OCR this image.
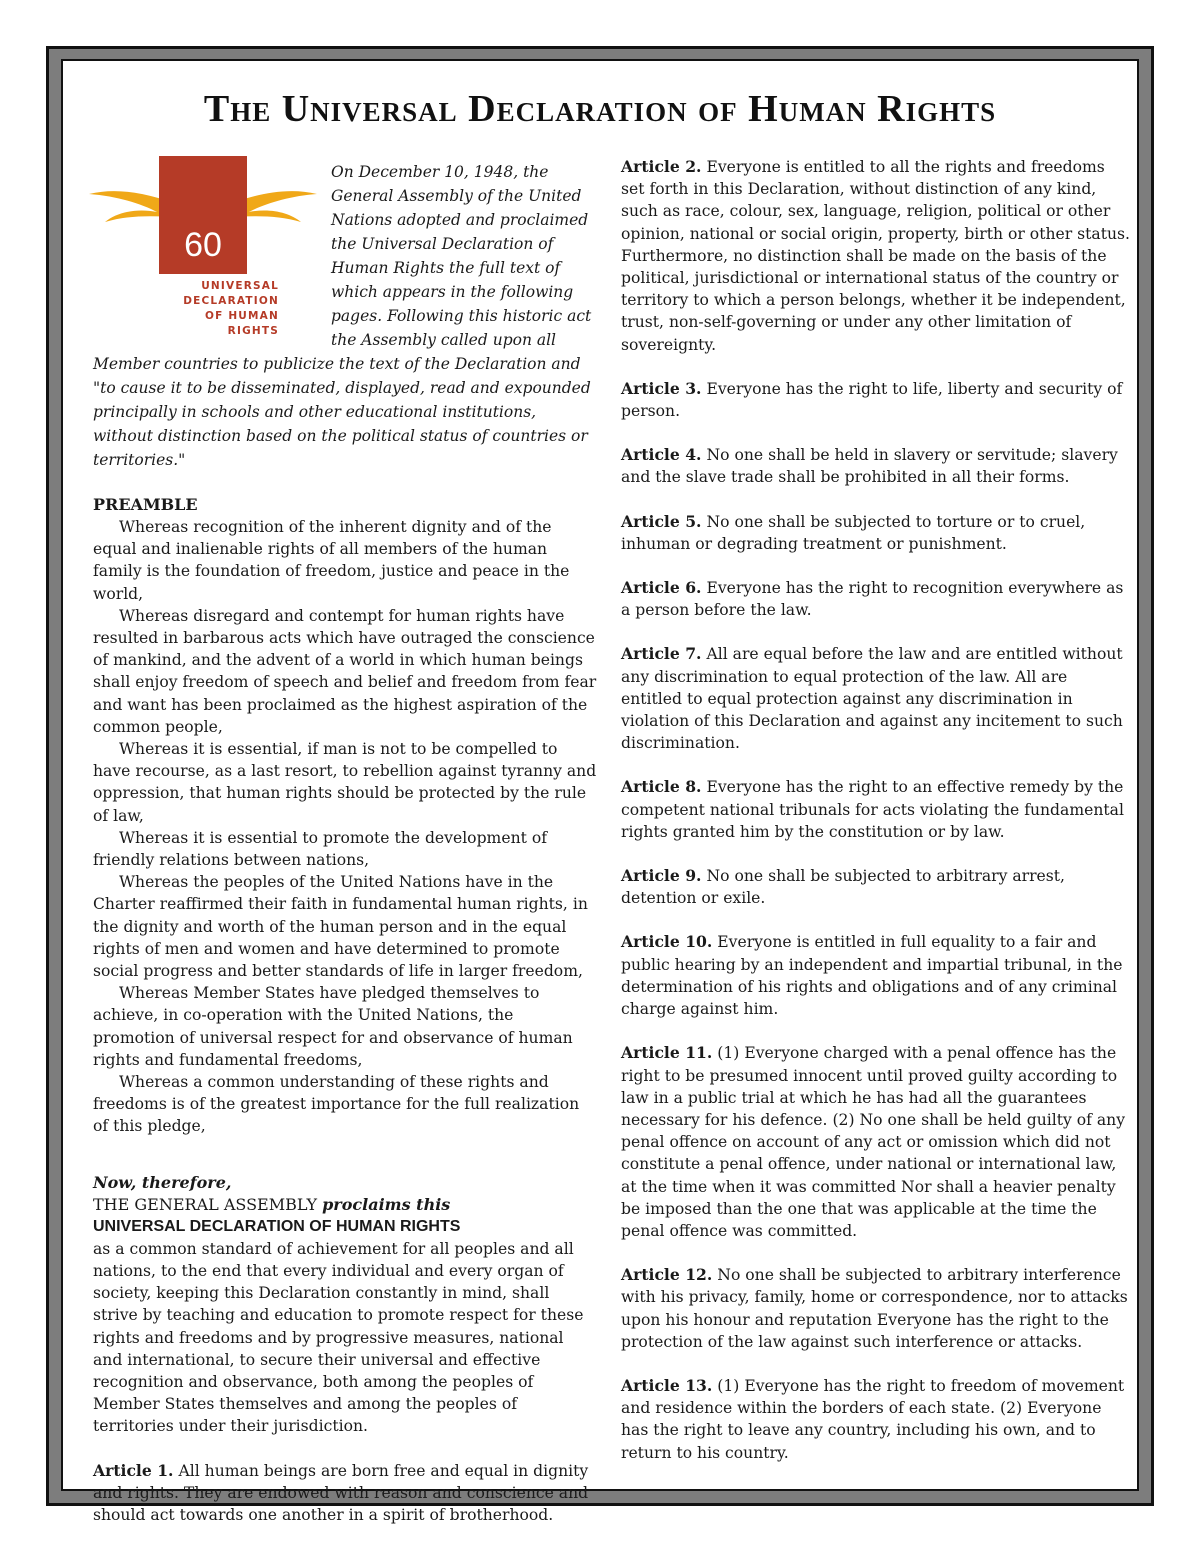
The Universal Declaration of Human Rights
60
UNIVERSAL
DECLARATION
OF HUMAN
RIGHTS
On December 10, 1948, the General Assembly of the United Nations adopted and proclaimed the Universal Declaration of Human Rights the full text of which appears in the following pages. Following this historic act the Assembly called upon all
Member countries to publicize the text of the Declaration and "to cause it to be disseminated, displayed, read and expounded principally in schools and other educational institutions, without distinction based on the political status of countries or territories."
PREAMBLE

Whereas recognition of the inherent dignity and of the equal and inalienable rights of all members of the human family is the foundation of freedom, justice and peace in the world,

Whereas disregard and contempt for human rights have resulted in barbarous acts which have outraged the conscience of mankind, and the advent of a world in which human beings shall enjoy freedom of speech and belief and freedom from fear and want has been proclaimed as the highest aspiration of the common people,

Whereas it is essential, if man is not to be compelled to have recourse, as a last resort, to rebellion against tyranny and oppression, that human rights should be protected by the rule of law,

Whereas it is essential to promote the development of friendly relations between nations,

Whereas the peoples of the United Nations have in the Charter reaffirmed their faith in fundamental human rights, in the dignity and worth of the human person and in the equal rights of men and women and have determined to promote social progress and better standards of life in larger freedom,

Whereas Member States have pledged themselves to achieve, in co-operation with the United Nations, the promotion of universal respect for and observance of human rights and fundamental freedoms,

Whereas a common understanding of these rights and freedoms is of the greatest importance for the full realization of this pledge,

Now, therefore,
THE GENERAL ASSEMBLY proclaims this
UNIVERSAL DECLARATION OF HUMAN RIGHTS
as a common standard of achievement for all peoples and all nations, to the end that every individual and every organ of society, keeping this Declaration constantly in mind, shall strive by teaching and education to promote respect for these rights and freedoms and by progressive measures, national and international, to secure their universal and effective recognition and observance, both among the peoples of Member States themselves and among the peoples of territories under their jurisdiction.
Article 1. All human beings are born free and equal in dignity and rights. They are endowed with reason and conscience and should act towards one another in a spirit of brotherhood.
Article 2. Everyone is entitled to all the rights and freedoms set forth in this Declaration, without distinction of any kind, such as race, colour, sex, language, religion, political or other opinion, national or social origin, property, birth or other status. Furthermore, no distinction shall be made on the basis of the political, jurisdictional or international status of the country or territory to which a person belongs, whether it be independent, trust, non-self-governing or under any other limitation of sovereignty.
Article 3. Everyone has the right to life, liberty and security of person.
Article 4. No one shall be held in slavery or servitude; slavery and the slave trade shall be prohibited in all their forms.
Article 5. No one shall be subjected to torture or to cruel, inhuman or degrading treatment or punishment.
Article 6. Everyone has the right to recognition everywhere as a person before the law.
Article 7. All are equal before the law and are entitled without any discrimination to equal protection of the law. All are entitled to equal protection against any discrimination in violation of this Declaration and against any incitement to such discrimination.
Article 8. Everyone has the right to an effective remedy by the competent national tribunals for acts violating the fundamental rights granted him by the constitution or by law.
Article 9. No one shall be subjected to arbitrary arrest, detention or exile.
Article 10. Everyone is entitled in full equality to a fair and public hearing by an independent and impartial tribunal, in the determination of his rights and obligations and of any criminal charge against him.
Article 11. (1) Everyone charged with a penal offence has the right to be presumed innocent until proved guilty according to law in a public trial at which he has had all the guarantees necessary for his defence. (2) No one shall be held guilty of any penal offence on account of any act or omission which did not constitute a penal offence, under national or international law, at the time when it was committed Nor shall a heavier penalty be imposed than the one that was applicable at the time the penal offence was committed.
Article 12. No one shall be subjected to arbitrary interference with his privacy, family, home or correspondence, nor to attacks upon his honour and reputation Everyone has the right to the protection of the law against such interference or attacks.
Article 13. (1) Everyone has the right to freedom of movement and residence within the borders of each state. (2) Everyone has the right to leave any country, including his own, and to return to his country.
